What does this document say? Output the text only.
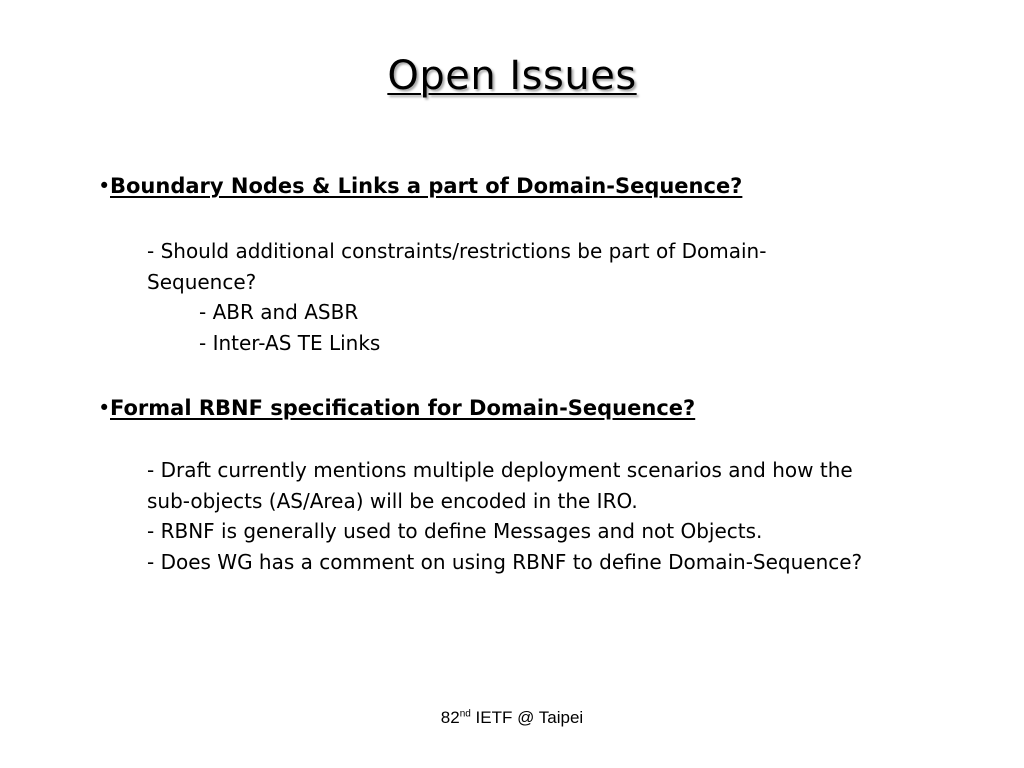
Open Issues
•Boundary Nodes & Links a part of Domain-Sequence?
- Should additional constraints/restrictions be part of Domain-
Sequence?
- ABR and ASBR
- Inter-AS TE Links
•Formal RBNF specification for Domain-Sequence?
- Draft currently mentions multiple deployment scenarios and how the
sub-objects (AS/Area) will be encoded in the IRO.
- RBNF is generally used to define Messages and not Objects.
- Does WG has a comment on using RBNF to define Domain-Sequence?
82nd IETF @ Taipei
